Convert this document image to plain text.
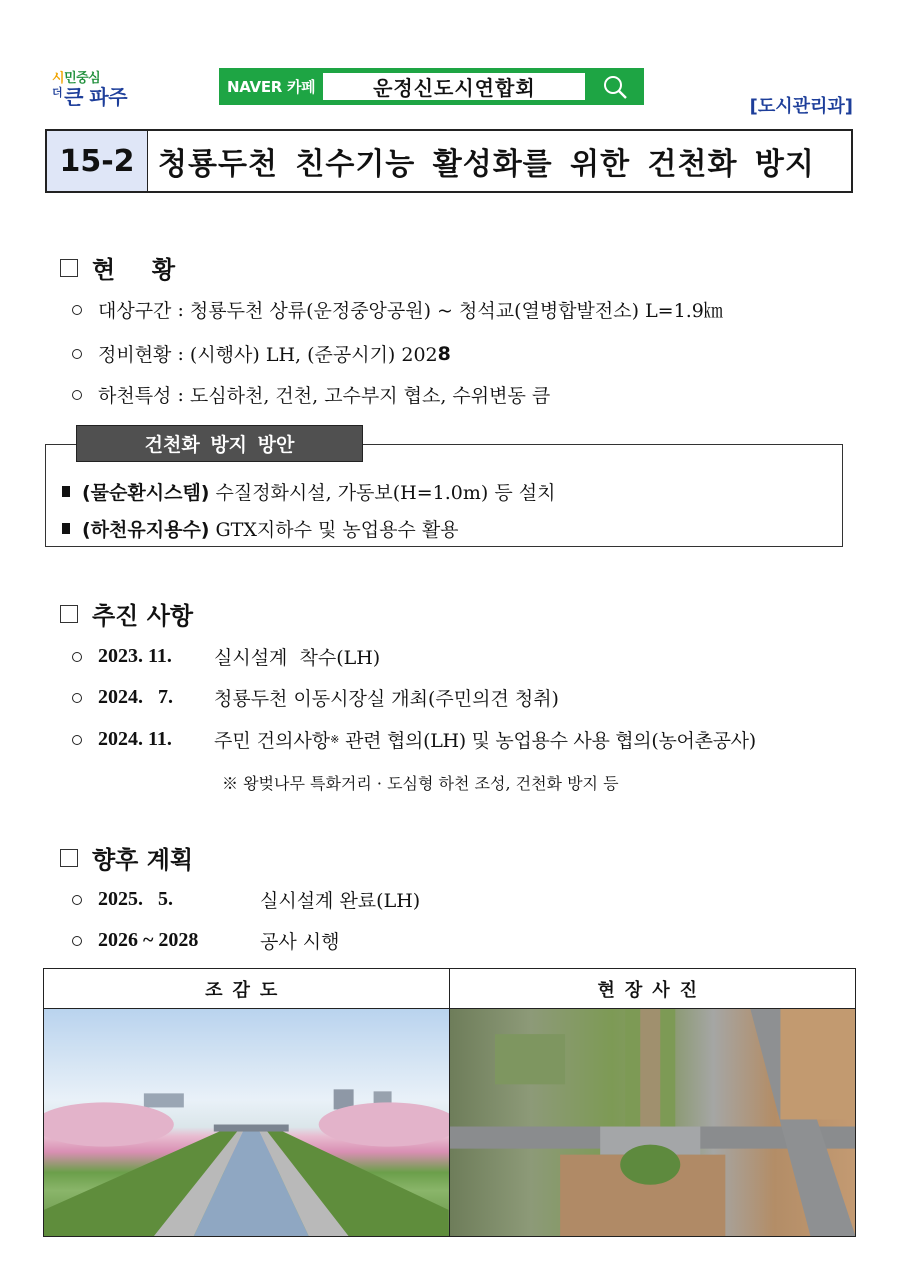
시민중심
$^더$ 큰 파주	NAVER 카페	운정신도시연합회
[도시관리과]
15-2 청룡두천 친수기능 활성화를 위한 건천화 방지
현  황
대상구간 : 청룡두천 상류(운정중앙공원) ~ 청석교(열병합발전소) L=1.9㎞
정비현황 : (시행사) LH, (준공시기) 202 8
하천특성 : 도심하천, 건천, 고수부지 협소, 수위변동 큼
건천화 방지 방안
(물순환시스템) 수질정화시설, 가동보(H=1.0m) 등 설치
(하천유지용수) GTX지하수 및 농업용수 활용
추진 사항
2023. 11.	실시설계  착수(LH)
2024.   7.	청룡두천 이동시장실 개최(주민의견 청취)
2024. 11.	주민 건의사항 ※ 관련 협의(LH) 및 농업용수 사용 협의(농어촌공사)
※ 왕벚나무 특화거리 · 도심형 하천 조성, 건천화 방지 등
향후 계획
2025.   5.	실시설계 완료(LH)
2026 ~ 2028	공사 시행
조감도	현장사진
